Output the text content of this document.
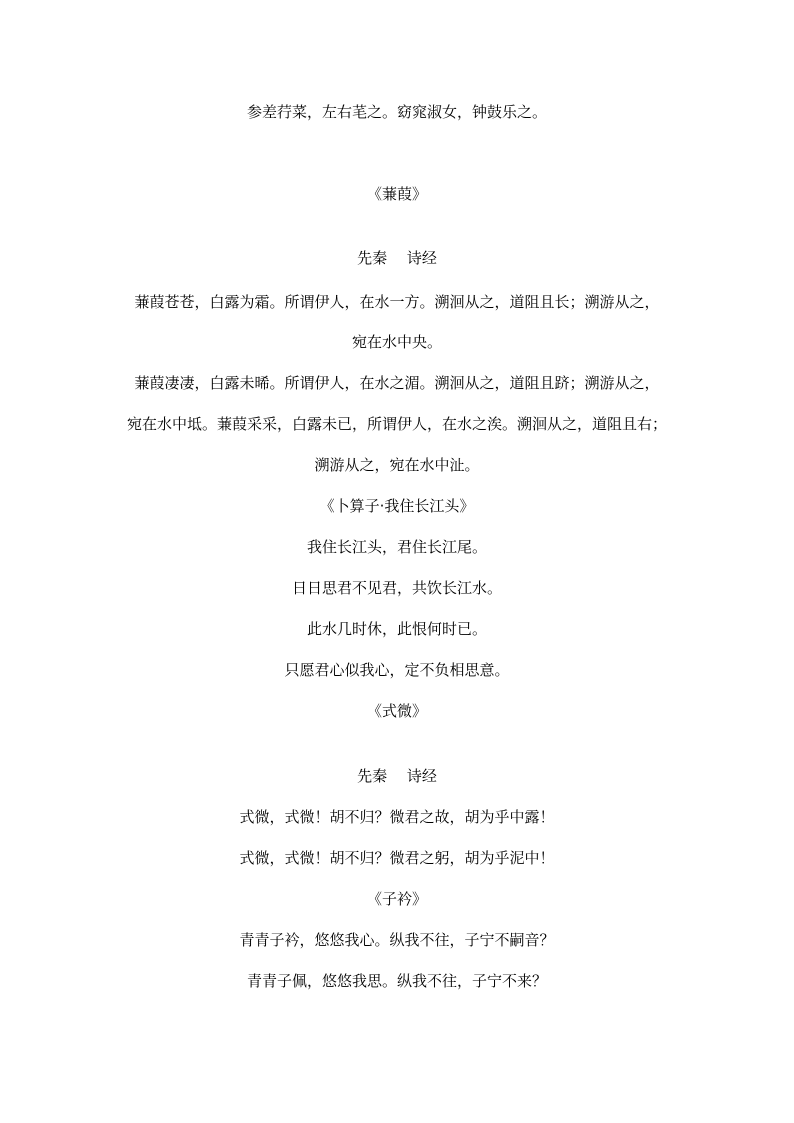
参差荇菜，左右芼之。窈窕淑女，钟鼓乐之。
《蒹葭》
先秦　 诗经
蒹葭苍苍，白露为霜。所谓伊人，在水一方。溯洄从之，道阻且长；溯游从之，
宛在水中央。
蒹葭凄凄，白露未晞。所谓伊人，在水之湄。溯洄从之，道阻且跻；溯游从之，
宛在水中坻。蒹葭采采，白露未已，所谓伊人，在水之涘。溯洄从之，道阻且右；
溯游从之，宛在水中沚。
《卜算子·我住长江头》
我住长江头，君住长江尾。
日日思君不见君，共饮长江水。
此水几时休，此恨何时已。
只愿君心似我心，定不负相思意。
《式微》
先秦　 诗经
式微，式微！胡不归？微君之故，胡为乎中露！
式微，式微！胡不归？微君之躬，胡为乎泥中！
《子衿》
青青子衿，悠悠我心。纵我不往，子宁不嗣音？
青青子佩，悠悠我思。纵我不往，子宁不来？
